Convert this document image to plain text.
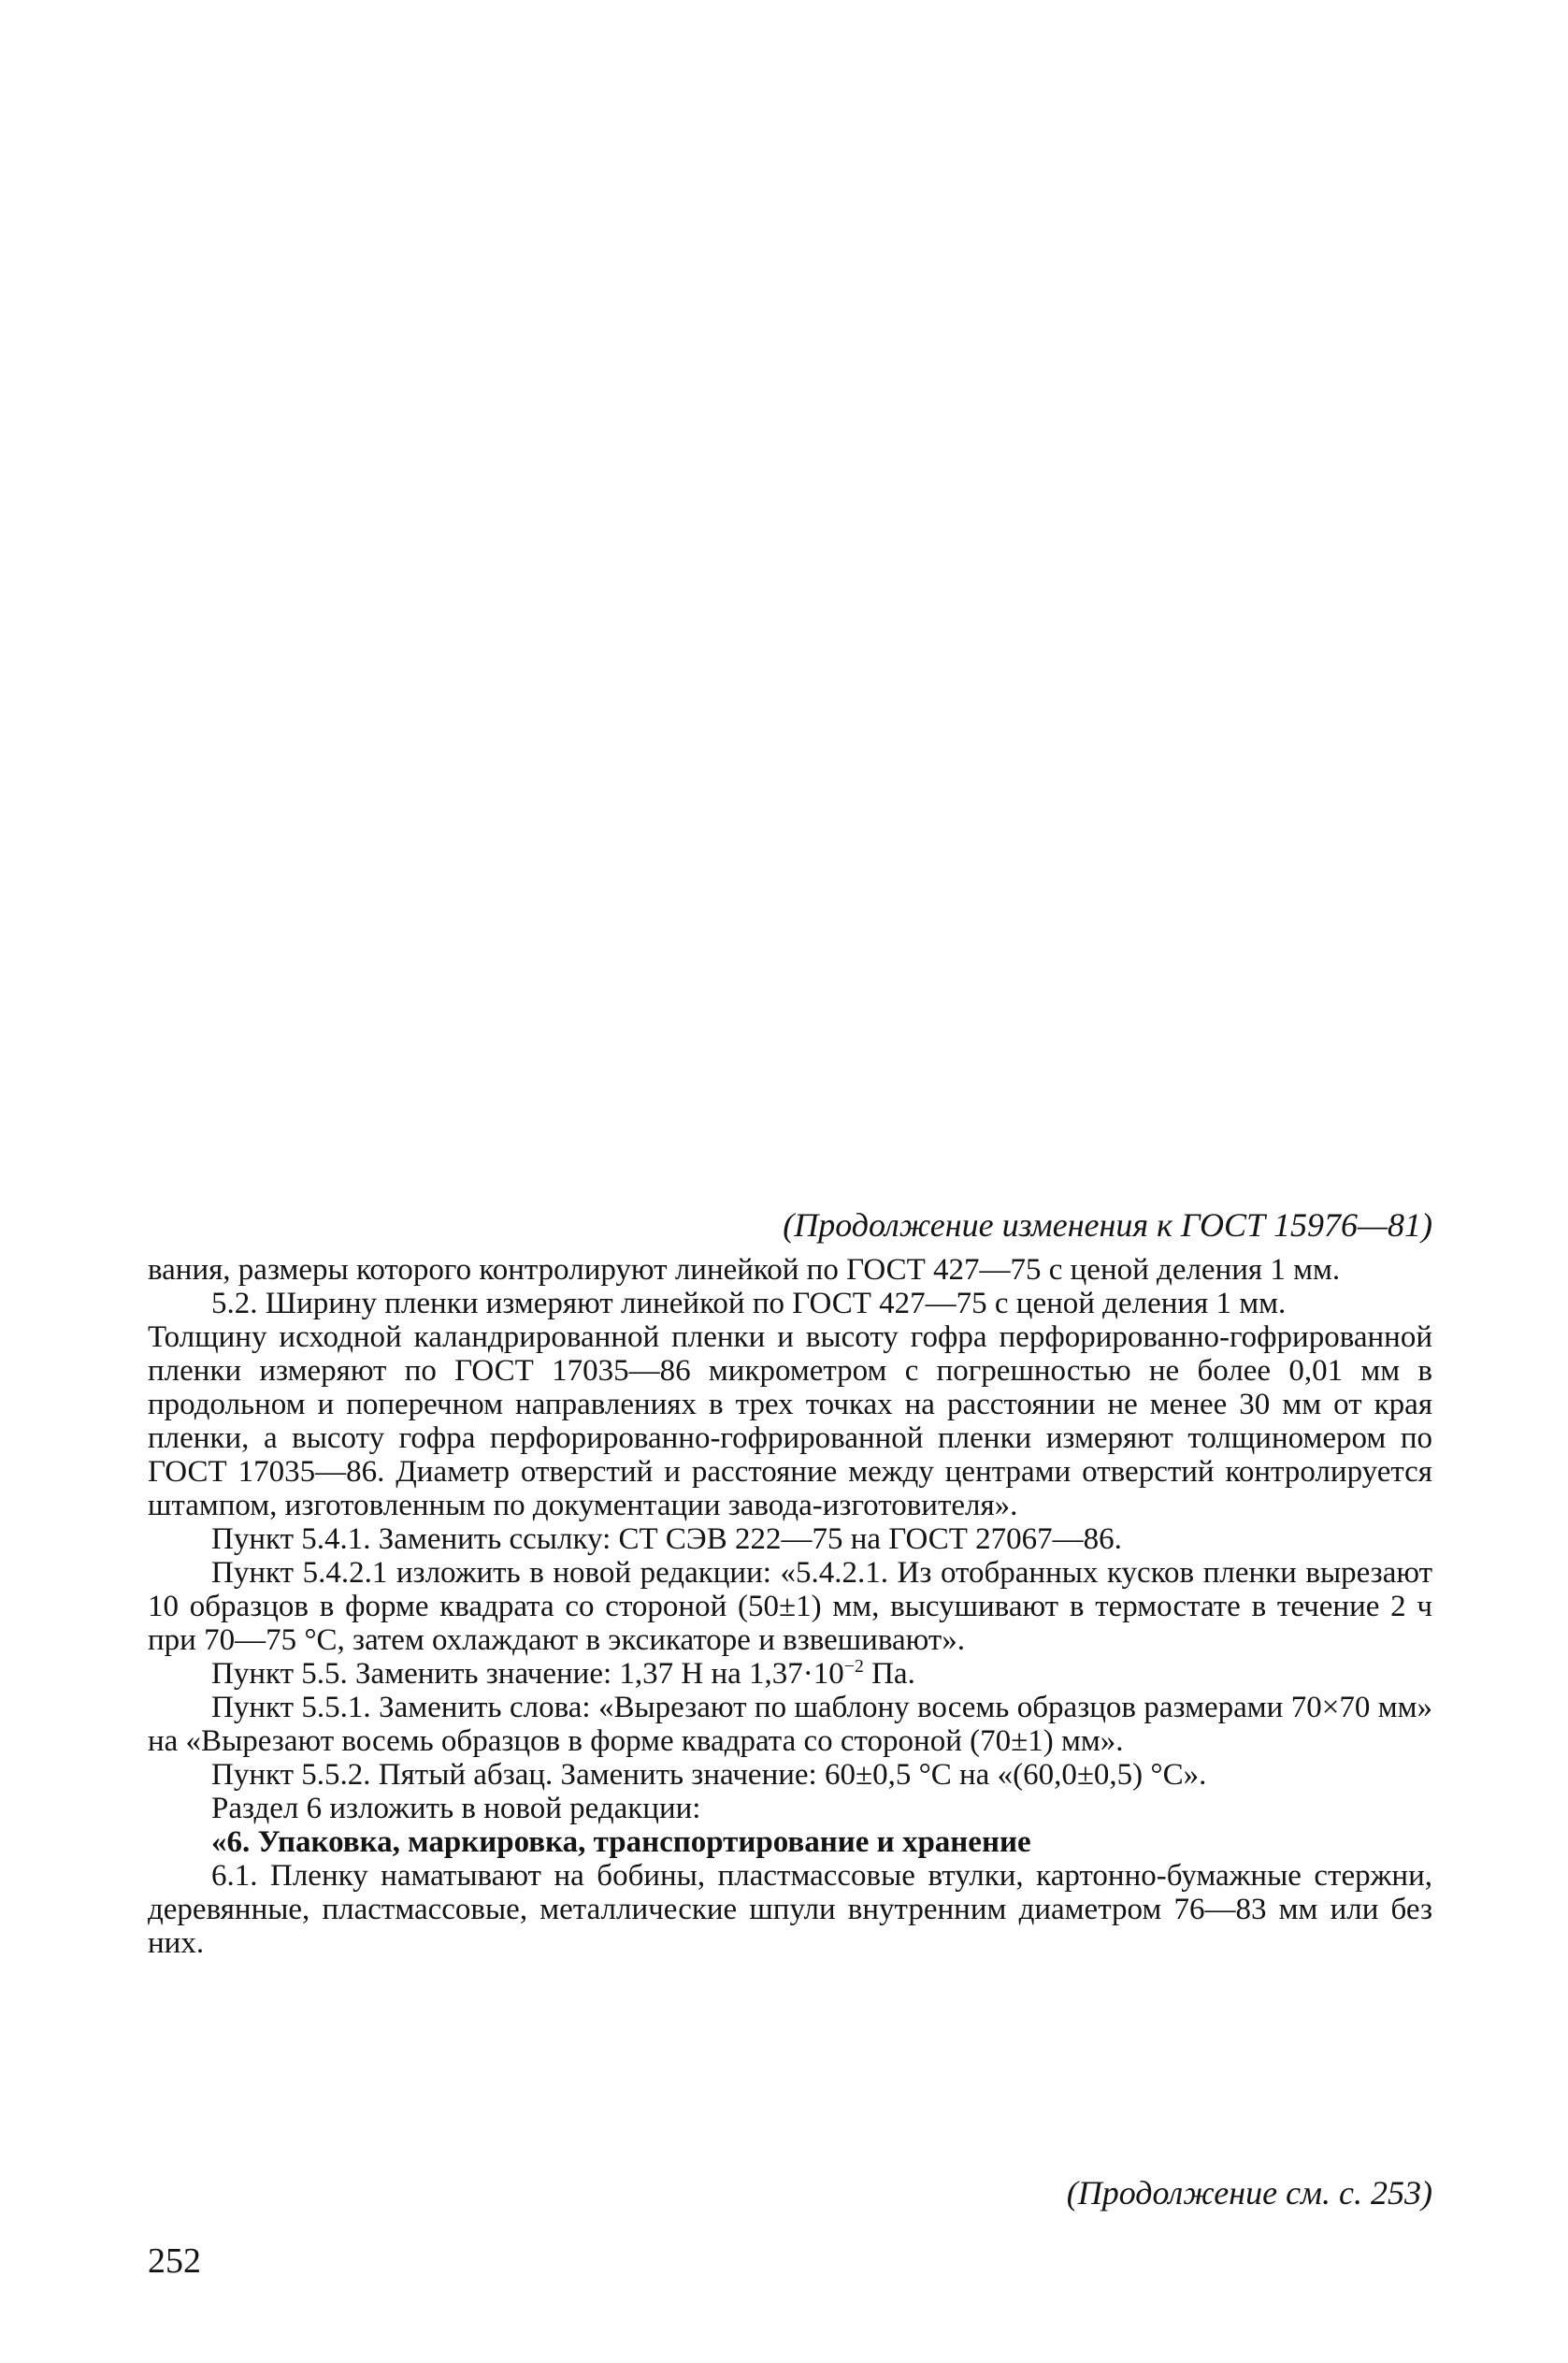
(Продолжение изменения к ГОСТ 15976—81)

вания, размеры которого контролируют линейкой по ГОСТ 427—75 с ценой деления 1 мм.

5.2. Ширину пленки измеряют линейкой по ГОСТ 427—75 с ценой деления 1 мм.

Толщину исходной каландрированной пленки и высоту гофра перфорированно-гофрированной пленки измеряют по ГОСТ 17035—86 микрометром с погрешностью не более 0,01 мм в продольном и поперечном направлениях в трех точках на расстоянии не менее 30 мм от края пленки, а высоту гофра перфорированно-гофрированной пленки измеряют толщиномером по ГОСТ 17035—86. Диаметр отверстий и расстояние между центрами отверстий контролируется штампом, изготовленным по документации завода-изготовителя».

Пункт 5.4.1. Заменить ссылку: СТ СЭВ 222—75 на ГОСТ 27067—86.

Пункт 5.4.2.1 изложить в новой редакции: «5.4.2.1. Из отобранных кусков пленки вырезают 10 образцов в форме квадрата со стороной (50±1) мм, высушивают в термостате в течение 2 ч при 70—75 °С, затем охлаждают в эксикаторе и взвешивают».

Пункт 5.5. Заменить значение: 1,37 Н на $1,37\cdot 10^{-2}$ Па.

Пункт 5.5.1. Заменить слова: «Вырезают по шаблону восемь образцов размерами 70×70 мм» на «Вырезают восемь образцов в форме квадрата со стороной (70±1) мм».

Пункт 5.5.2. Пятый абзац. Заменить значение: 60±0,5 °С на «(60,0±0,5) °С».

Раздел 6 изложить в новой редакции:

«6. Упаковка, маркировка, транспортирование и хранение

6.1. Пленку наматывают на бобины, пластмассовые втулки, картонно-бумажные стержни, деревянные, пластмассовые, металлические шпули внутренним диаметром 76—83 мм или без них.

(Продолжение см. с. 253)
252
